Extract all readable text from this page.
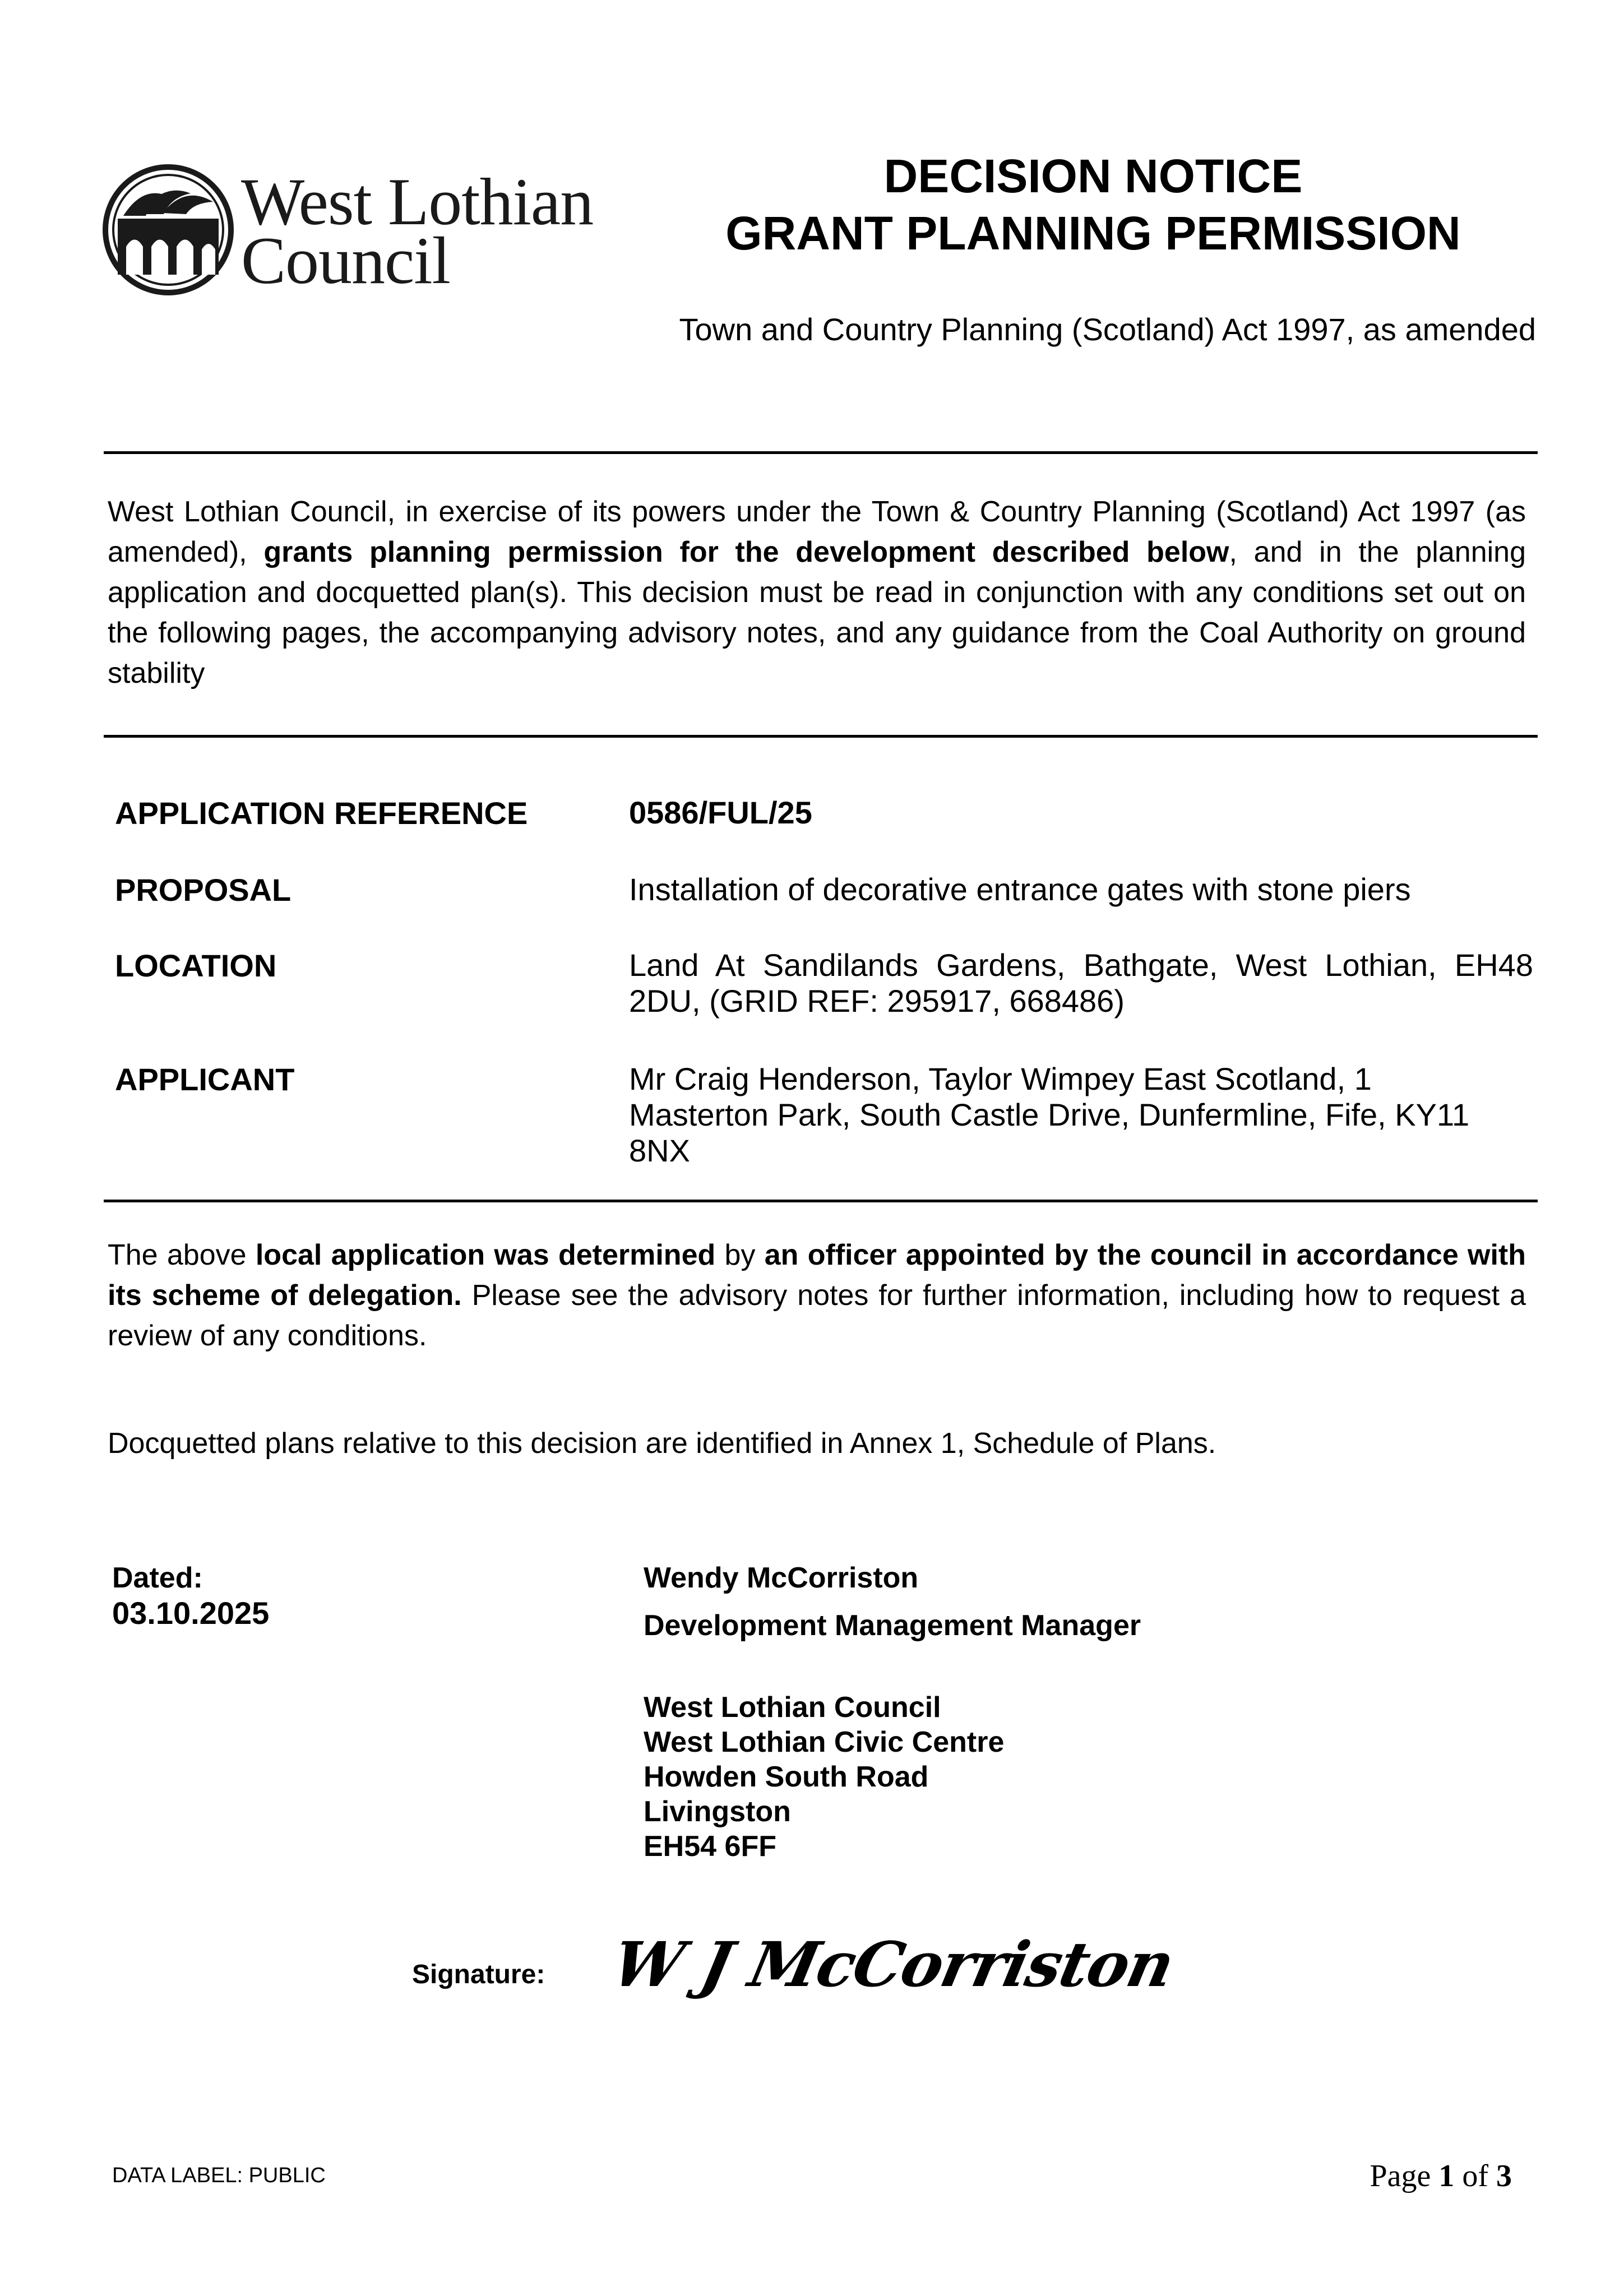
West Lothian
Council
DECISION NOTICE
GRANT PLANNING PERMISSION
Town and Country Planning (Scotland) Act 1997, as amended
West Lothian Council, in exercise of its powers under the Town & Country Planning (Scotland) Act 1997 (as amended), grants planning permission for the development described below, and in the planning application and docquetted plan(s). This decision must be read in conjunction with any conditions set out on the following pages, the accompanying advisory notes, and any guidance from the Coal Authority on ground stability
APPLICATION REFERENCE	0586/FUL/25
PROPOSAL	Installation of decorative entrance gates with stone piers
LOCATION	Land At Sandilands Gardens, Bathgate, West Lothian, EH48 2DU, (GRID REF: 295917, 668486)
APPLICANT	Mr Craig Henderson, Taylor Wimpey East Scotland, 1
Masterton Park, South Castle Drive, Dunfermline, Fife, KY11
8NX
The above local application was determined by an officer appointed by the council in accordance with its scheme of delegation. Please see the advisory notes for further information, including how to request a review of any conditions.
Docquetted plans relative to this decision are identified in Annex 1, Schedule of Plans.
Dated:
03.10.2025
Wendy McCorriston
Development Management Manager
West Lothian Council
West Lothian Civic Centre
Howden South Road
Livingston
EH54 6FF
Signature: W J McCorriston
DATA LABEL: PUBLIC	Page 1 of 3
